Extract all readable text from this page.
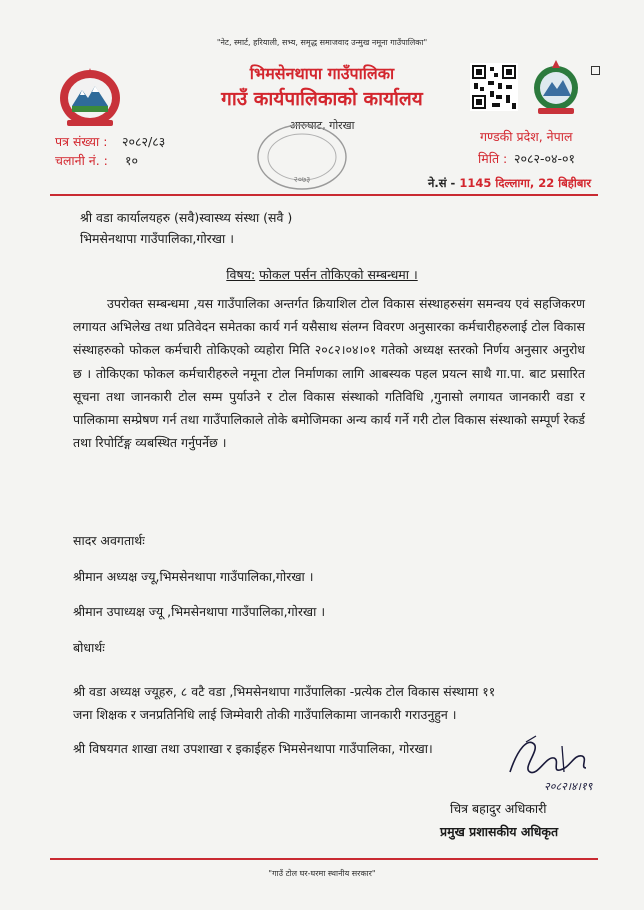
"नेट, स्मार्ट, हरियाली, सभ्य, समृद्ध समाजवाद उन्मुख नमूना गाउँपालिका"
भिमसेनथापा गाउँपालिका
गाउँ कार्यपालिकाको कार्यालय
आरुघाट, गोरखा
पत्र संख्या : २०८२/८३
चलानी नं. : १०
२०७३
गण्डकी प्रदेश, नेपाल
मिति : २०८२-०४-०१
ने.सं - 1145 दिल्लागा, 22 बिहीबार
श्री वडा कार्यालयहरु (सवै)स्वास्थ्य संस्था (सवै )
भिमसेनथापा गाउँपालिका,गोरखा ।
विषय: फोकल पर्सन तोकिएको सम्बन्धमा ।
उपरोक्त सम्बन्धमा ,यस गाउँपालिका अन्तर्गत क्रियाशिल टोल विकास संस्थाहरुसंग समन्वय एवं सहजिकरण लगायत अभिलेख तथा प्रतिवेदन समेतका कार्य गर्न यसैसाथ संलग्न विवरण अनुसारका कर्मचारीहरुलाई टोल विकास संस्थाहरुको फोकल कर्मचारी तोकिएको व्यहोरा मिति २०८२।०४।०१ गतेको अध्यक्ष स्तरको निर्णय अनुसार अनुरोध छ । तोकिएका फोकल कर्मचारीहरुले नमूना टोल निर्माणका लागि आबस्यक पहल प्रयत्न साथै गा.पा. बाट प्रसारित सूचना तथा जानकारी टोल सम्म पुर्याउने र टोल विकास संस्थाको गतिविधि ,गुनासो लगायत जानकारी वडा र पालिकामा सम्प्रेषण गर्न तथा गाउँपालिकाले तोके बमोजिमका अन्य कार्य गर्ने गरी टोल विकास संस्थाको सम्पूर्ण रेकर्ड तथा रिपोर्टिङ्ग व्यबस्थित गर्नुपर्नेछ ।
सादर अवगतार्थः
श्रीमान अध्यक्ष ज्यू,भिमसेनथापा गाउँपालिका,गोरखा ।
श्रीमान उपाध्यक्ष ज्यू ,भिमसेनथापा गाउँपालिका,गोरखा ।
बोधार्थः
श्री वडा अध्यक्ष ज्यूहरु, ८ वटै वडा ,भिमसेनथापा गाउँपालिका -प्रत्येक टोल विकास संस्थामा ११
जना शिक्षक र जनप्रतिनिधि लाई जिम्मेवारी तोकी गाउँपालिकामा जानकारी गराउनुहुन ।
श्री विषयगत शाखा तथा उपशाखा र इकाईहरु भिमसेनथापा गाउँपालिका, गोरखा।
२०८२।४।१९
चित्र बहादुर अधिकारी
प्रमुख प्रशासकीय अधिकृत
"गाउँ टोल घर-घरमा स्थानीय सरकार"
